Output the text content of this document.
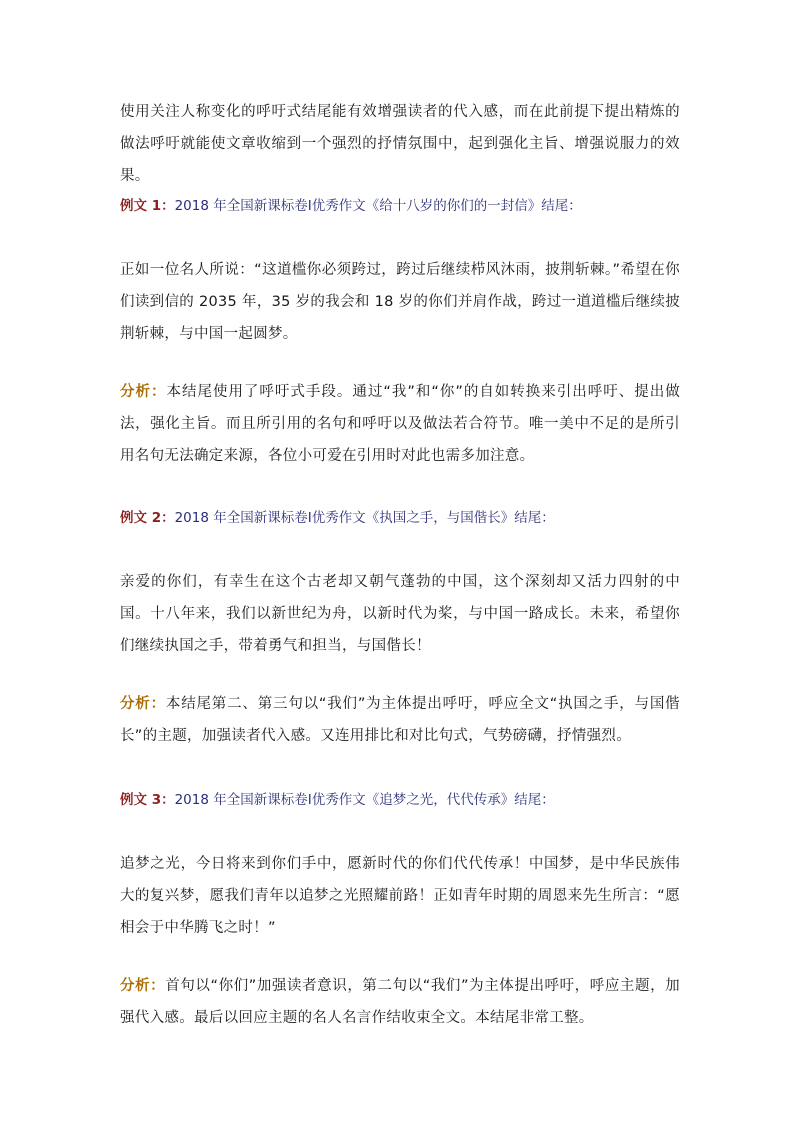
使用关注人称变化的呼吁式结尾能有效增强读者的代入感，而在此前提下提出精炼的做法呼吁就能使文章收缩到一个强烈的抒情氛围中，起到强化主旨、增强说服力的效果。

例文 1：2018 年全国新课标卷Ⅰ优秀作文《给十八岁的你们的一封信》结尾：

正如一位名人所说：“这道槛你必须跨过，跨过后继续栉风沐雨，披荆斩棘。”希望在你们读到信的 2035 年，35 岁的我会和 18 岁的你们并肩作战，跨过一道道槛后继续披荆斩棘，与中国一起圆梦。

分析：本结尾使用了呼吁式手段。通过“我”和“你”的自如转换来引出呼吁、提出做法，强化主旨。而且所引用的名句和呼吁以及做法若合符节。唯一美中不足的是所引用名句无法确定来源，各位小可爱在引用时对此也需多加注意。

例文 2：2018 年全国新课标卷Ⅰ优秀作文《执国之手，与国偕长》结尾：

亲爱的你们，有幸生在这个古老却又朝气蓬勃的中国，这个深刻却又活力四射的中国。十八年来，我们以新世纪为舟，以新时代为桨，与中国一路成长。未来，希望你们继续执国之手，带着勇气和担当，与国偕长！

分析：本结尾第二、第三句以“我们”为主体提出呼吁，呼应全文“执国之手，与国偕长”的主题，加强读者代入感。又连用排比和对比句式，气势磅礴，抒情强烈。

例文 3：2018 年全国新课标卷Ⅰ优秀作文《追梦之光，代代传承》结尾：

追梦之光，今日将来到你们手中，愿新时代的你们代代传承！中国梦，是中华民族伟大的复兴梦，愿我们青年以追梦之光照耀前路！正如青年时期的周恩来先生所言：“愿相会于中华腾飞之时！”

分析：首句以“你们”加强读者意识，第二句以“我们”为主体提出呼吁，呼应主题，加强代入感。最后以回应主题的名人名言作结收束全文。本结尾非常工整。
